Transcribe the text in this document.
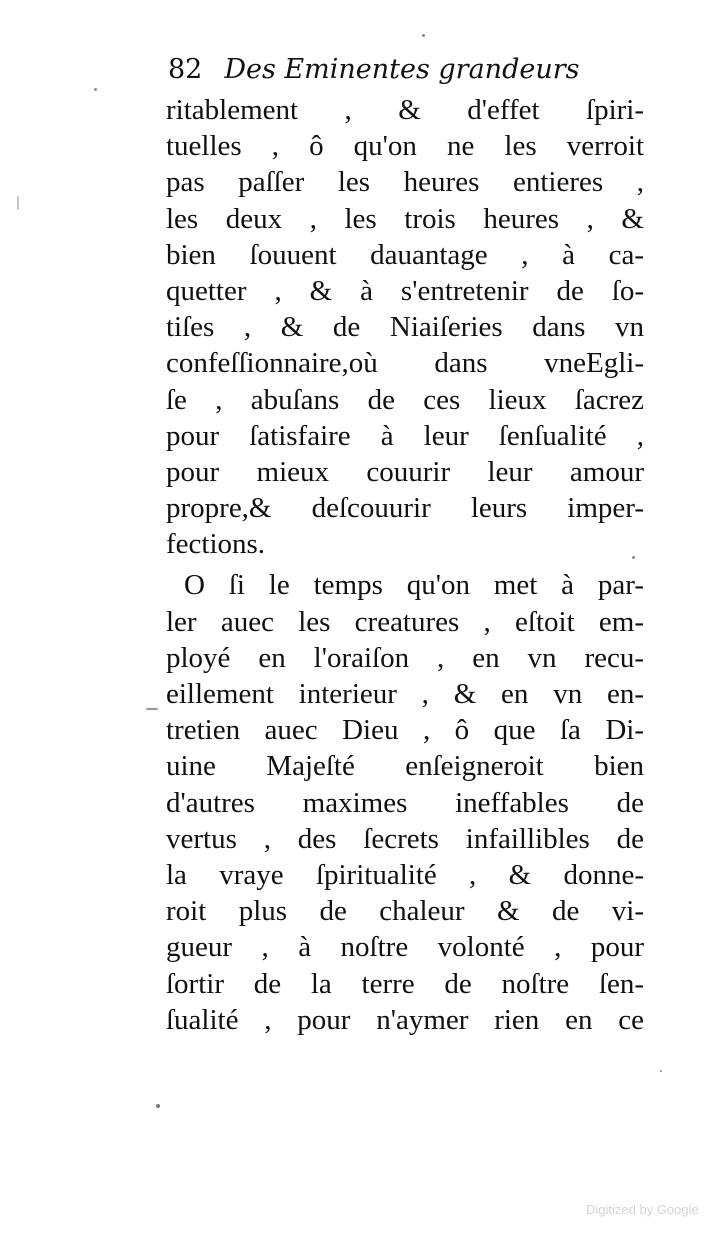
82 Des Eminentes grandeurs
ritablement , & d'effet ſpiri-
tuelles , ô qu'on ne les verroit
pas paſſer les heures entieres ,
les deux , les trois heures , &
bien ſouuent dauantage , à ca-
quetter , & à s'entretenir de ſo-
tiſes , & de Niaiſeries dans vn
confeſſionnaire,où dans vneEgli-
ſe , abuſans de ces lieux ſacrez
pour ſatisfaire à leur ſenſualité ,
pour mieux couurir leur amour
propre,& deſcouurir leurs imper-
fections.
O ſi le temps qu'on met à par-
ler auec les creatures , eſtoit em-
ployé en l'oraiſon , en vn recu-
eillement interieur , & en vn en-
tretien auec Dieu , ô que ſa Di-
uine Majeſté enſeigneroit bien
d'autres maximes ineffables de
vertus , des ſecrets infaillibles de
la vraye ſpiritualité , & donne-
roit plus de chaleur & de vi-
gueur , à noſtre volonté , pour
ſortir de la terre de noſtre ſen-
ſualité , pour n'aymer rien en ce
Digitized by Google
